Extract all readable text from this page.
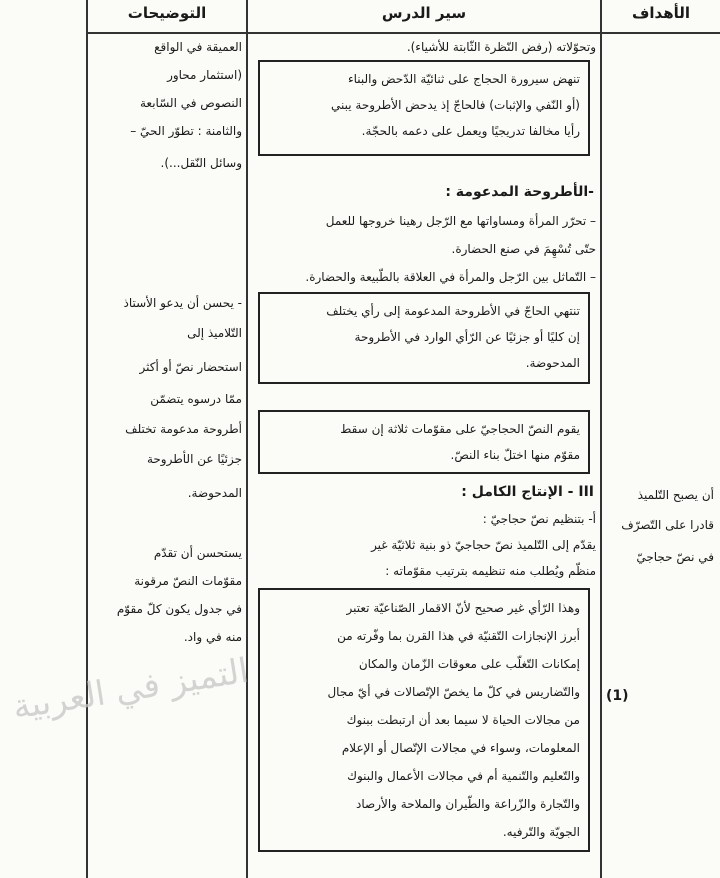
التوضيحات	سير الدرس	الأهداف
العميقة في الواقع
(استثمار محاور
النصوص في السّابعة
والثامنة : تطوّر الحيّ –
وسائل النّقل...).
- يحسن أن يدعو الأستاذ
التّلاميذ إلى
استحضار نصّ أو أكثر
ممّا درسوه يتضمّن
أطروحة مدعومة تختلف
جزئيًا عن الأطروحة
المدحوضة.
يستحسن أن تقدّم
مقوّمات النصّ مرقونة
في جدول يكون كلّ مقوّم
منه في واد.
وتحوّلاته (رفض النّظرة الثّابتة للأشياء).
تنهض سيرورة الحجاج على ثنائيّة الدّحض والبناء
(أو النّفي والإثبات) فالحاجّ إذ يدحض الأطروحة يبني
رأيا مخالفا تدريجيًا ويعمل على دعمه بالحجّة.
-الأطروحة المدعومة :
– تحرّر المرأة ومساواتها مع الرّجل رهينا خروجها للعمل
حتّى تُسْهِمَ في صنع الحضارة.
– التّماثل بين الرّجل والمرأة في العلاقة بالطّبيعة والحضارة.
تنتهي الحاجّ في الأطروحة المدعومة إلى رأي يختلف
إن كليًا أو جزئيًا عن الرّأي الوارد في الأطروحة
المدحوضة.
يقوم النصّ الحجاجيّ على مقوّمات ثلاثة إن سقط
مقوّم منها اختلّ بناء النصّ.
III - الإنتاج الكامل :
أ- بتنظيم نصّ حجاجيّ :
يقدّم إلى التّلميذ نصّ حجاجيّ ذو بنية ثلاثيّة غير
منظّم ويُطلب منه تنظيمه بترتيب مقوّماته :
وهذا الرّأي غير صحيح لأنّ الاقمار الصّناعيّة تعتبر
أبرز الإنجازات التّقنيّة في هذا القرن بما وفّرته من
إمكانات التّغلّب على معوقات الزّمان والمكان
والتّضاريس في كلّ ما يخصّ الإتّصالات في أيّ مجال
من مجالات الحياة لا سيما بعد أن ارتبطت ببنوك
المعلومات، وسواء في مجالات الإتّصال أو الإعلام
والتّعليم والتّنمية أم في مجالات الأعمال والبنوك
والتّجارة والزّراعة والطّيران والملاحة والأرصاد
الجويّة والتّرفيه.
أن يصبح التّلميذ
قادرا على التّصرّف
في نصّ حجاجيّ
(1)
التميز في العربية
